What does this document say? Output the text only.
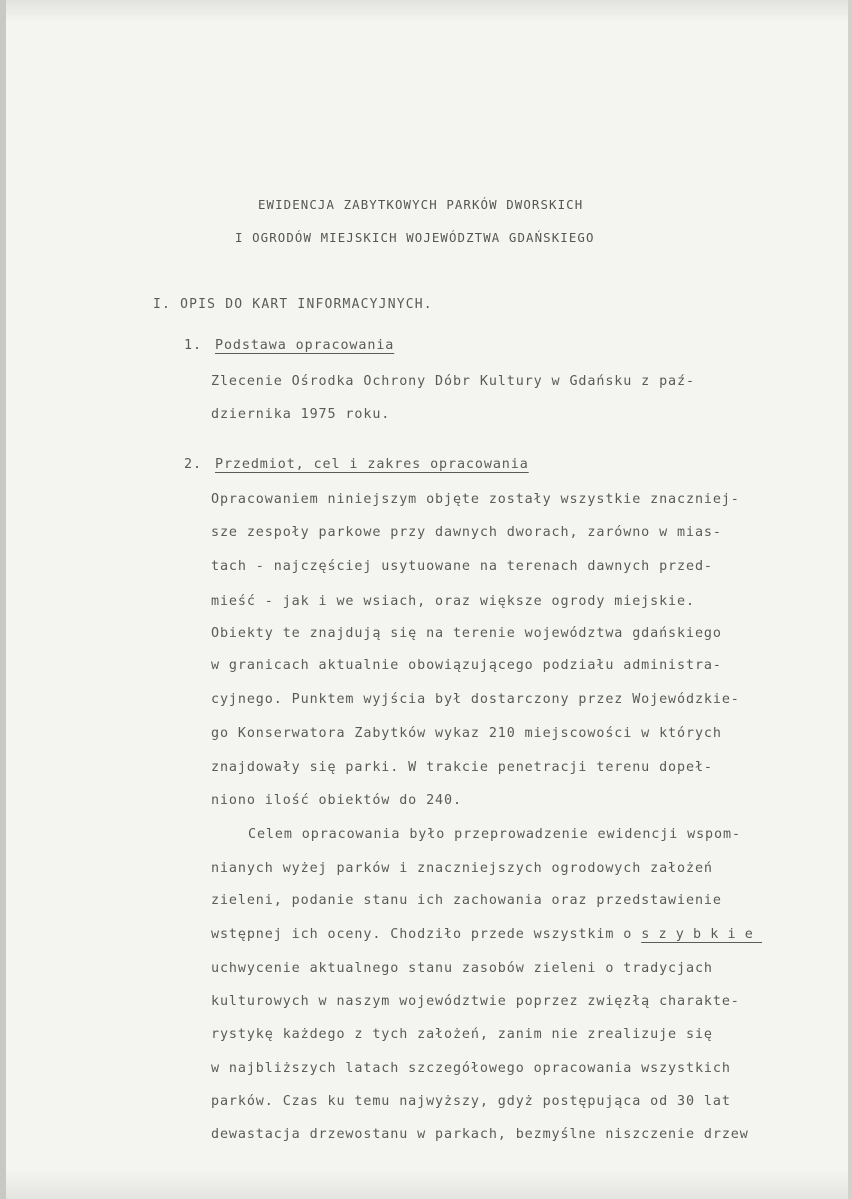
EWIDENCJA ZABYTKOWYCH PARKÓW DWORSKICH

I OGRODÓW MIEJSKICH WOJEWÓDZTWA GDAŃSKIEGO

I. OPIS DO KART INFORMACYJNYCH.

1. Podstawa opracowania

Zlecenie Ośrodka Ochrony Dóbr Kultury w Gdańsku z paź-

dziernika 1975 roku.

2. Przedmiot, cel i zakres opracowania

Opracowaniem niniejszym objęte zostały wszystkie znaczniej-

sze zespoły parkowe przy dawnych dworach, zarówno w mias-

tach - najczęściej usytuowane na terenach dawnych przed-

mieść - jak i we wsiach, oraz większe ogrody miejskie.

Obiekty te znajdują się na terenie województwa gdańskiego

w granicach aktualnie obowiązującego podziału administra-

cyjnego. Punktem wyjścia był dostarczony przez Wojewódzkie-

go Konserwatora Zabytków wykaz 210 miejscowości w których

znajdowały się parki. W trakcie penetracji terenu dopeł-

niono ilość obiektów do 240.

Celem opracowania było przeprowadzenie ewidencji wspom-

nianych wyżej parków i znaczniejszych ogrodowych założeń

zieleni, podanie stanu ich zachowania oraz przedstawienie

wstępnej ich oceny. Chodziło przede wszystkim o szybkie

uchwycenie aktualnego stanu zasobów zieleni o tradycjach

kulturowych w naszym województwie poprzez zwięzłą charakte-

rystykę każdego z tych założeń, zanim nie zrealizuje się

w najbliższych latach szczegółowego opracowania wszystkich

parków. Czas ku temu najwyższy, gdyż postępująca od 30 lat

dewastacja drzewostanu w parkach, bezmyślne niszczenie drzew
